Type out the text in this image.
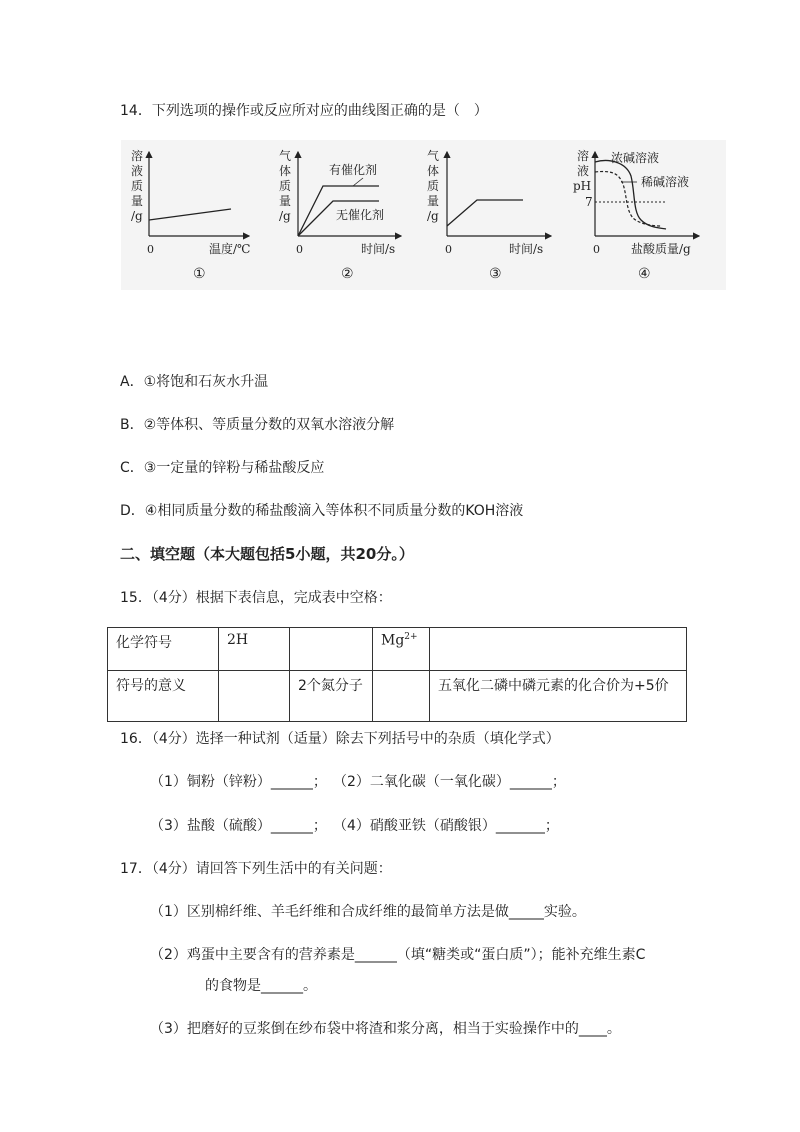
14．下列选项的操作或反应所对应的曲线图正确的是（　）
溶
液
质
量
/g
0	温度/℃
①
气
体
质
量
/g
有催化剂
无催化剂
0	时间/s
②
气
体
质
量
/g
0	时间/s
③
溶
液
pH
7
浓碱溶液
稀碱溶液
0	盐酸质量/g
④
A．①将饱和石灰水升温
B．②等体积、等质量分数的双氧水溶液分解
C．③一定量的锌粉与稀盐酸反应
D．④相同质量分数的稀盐酸滴入等体积不同质量分数的KOH溶液
二、填空题（本大题包括5小题，共20分。）
15．（4分）根据下表信息，完成表中空格：
化学符号	2H		$Mg^{2+}$	
符号的意义		2个氮分子		五氧化二磷中磷元素的化合价为+5价
16．（4分）选择一种试剂（适量）除去下列括号中的杂质（填化学式）
（1）铜粉（锌粉）______； （2）二氧化碳（一氧化碳）______；
（3）盐酸（硫酸）______； （4）硝酸亚铁（硝酸银）_______；
17．（4分）请回答下列生活中的有关问题：
（1）区别棉纤维、羊毛纤维和合成纤维的最简单方法是做_____实验。
（2）鸡蛋中主要含有的营养素是______（填“糖类或“蛋白质”）；能补充维生素C
的食物是______。
（3）把磨好的豆浆倒在纱布袋中将渣和浆分离，相当于实验操作中的____。
